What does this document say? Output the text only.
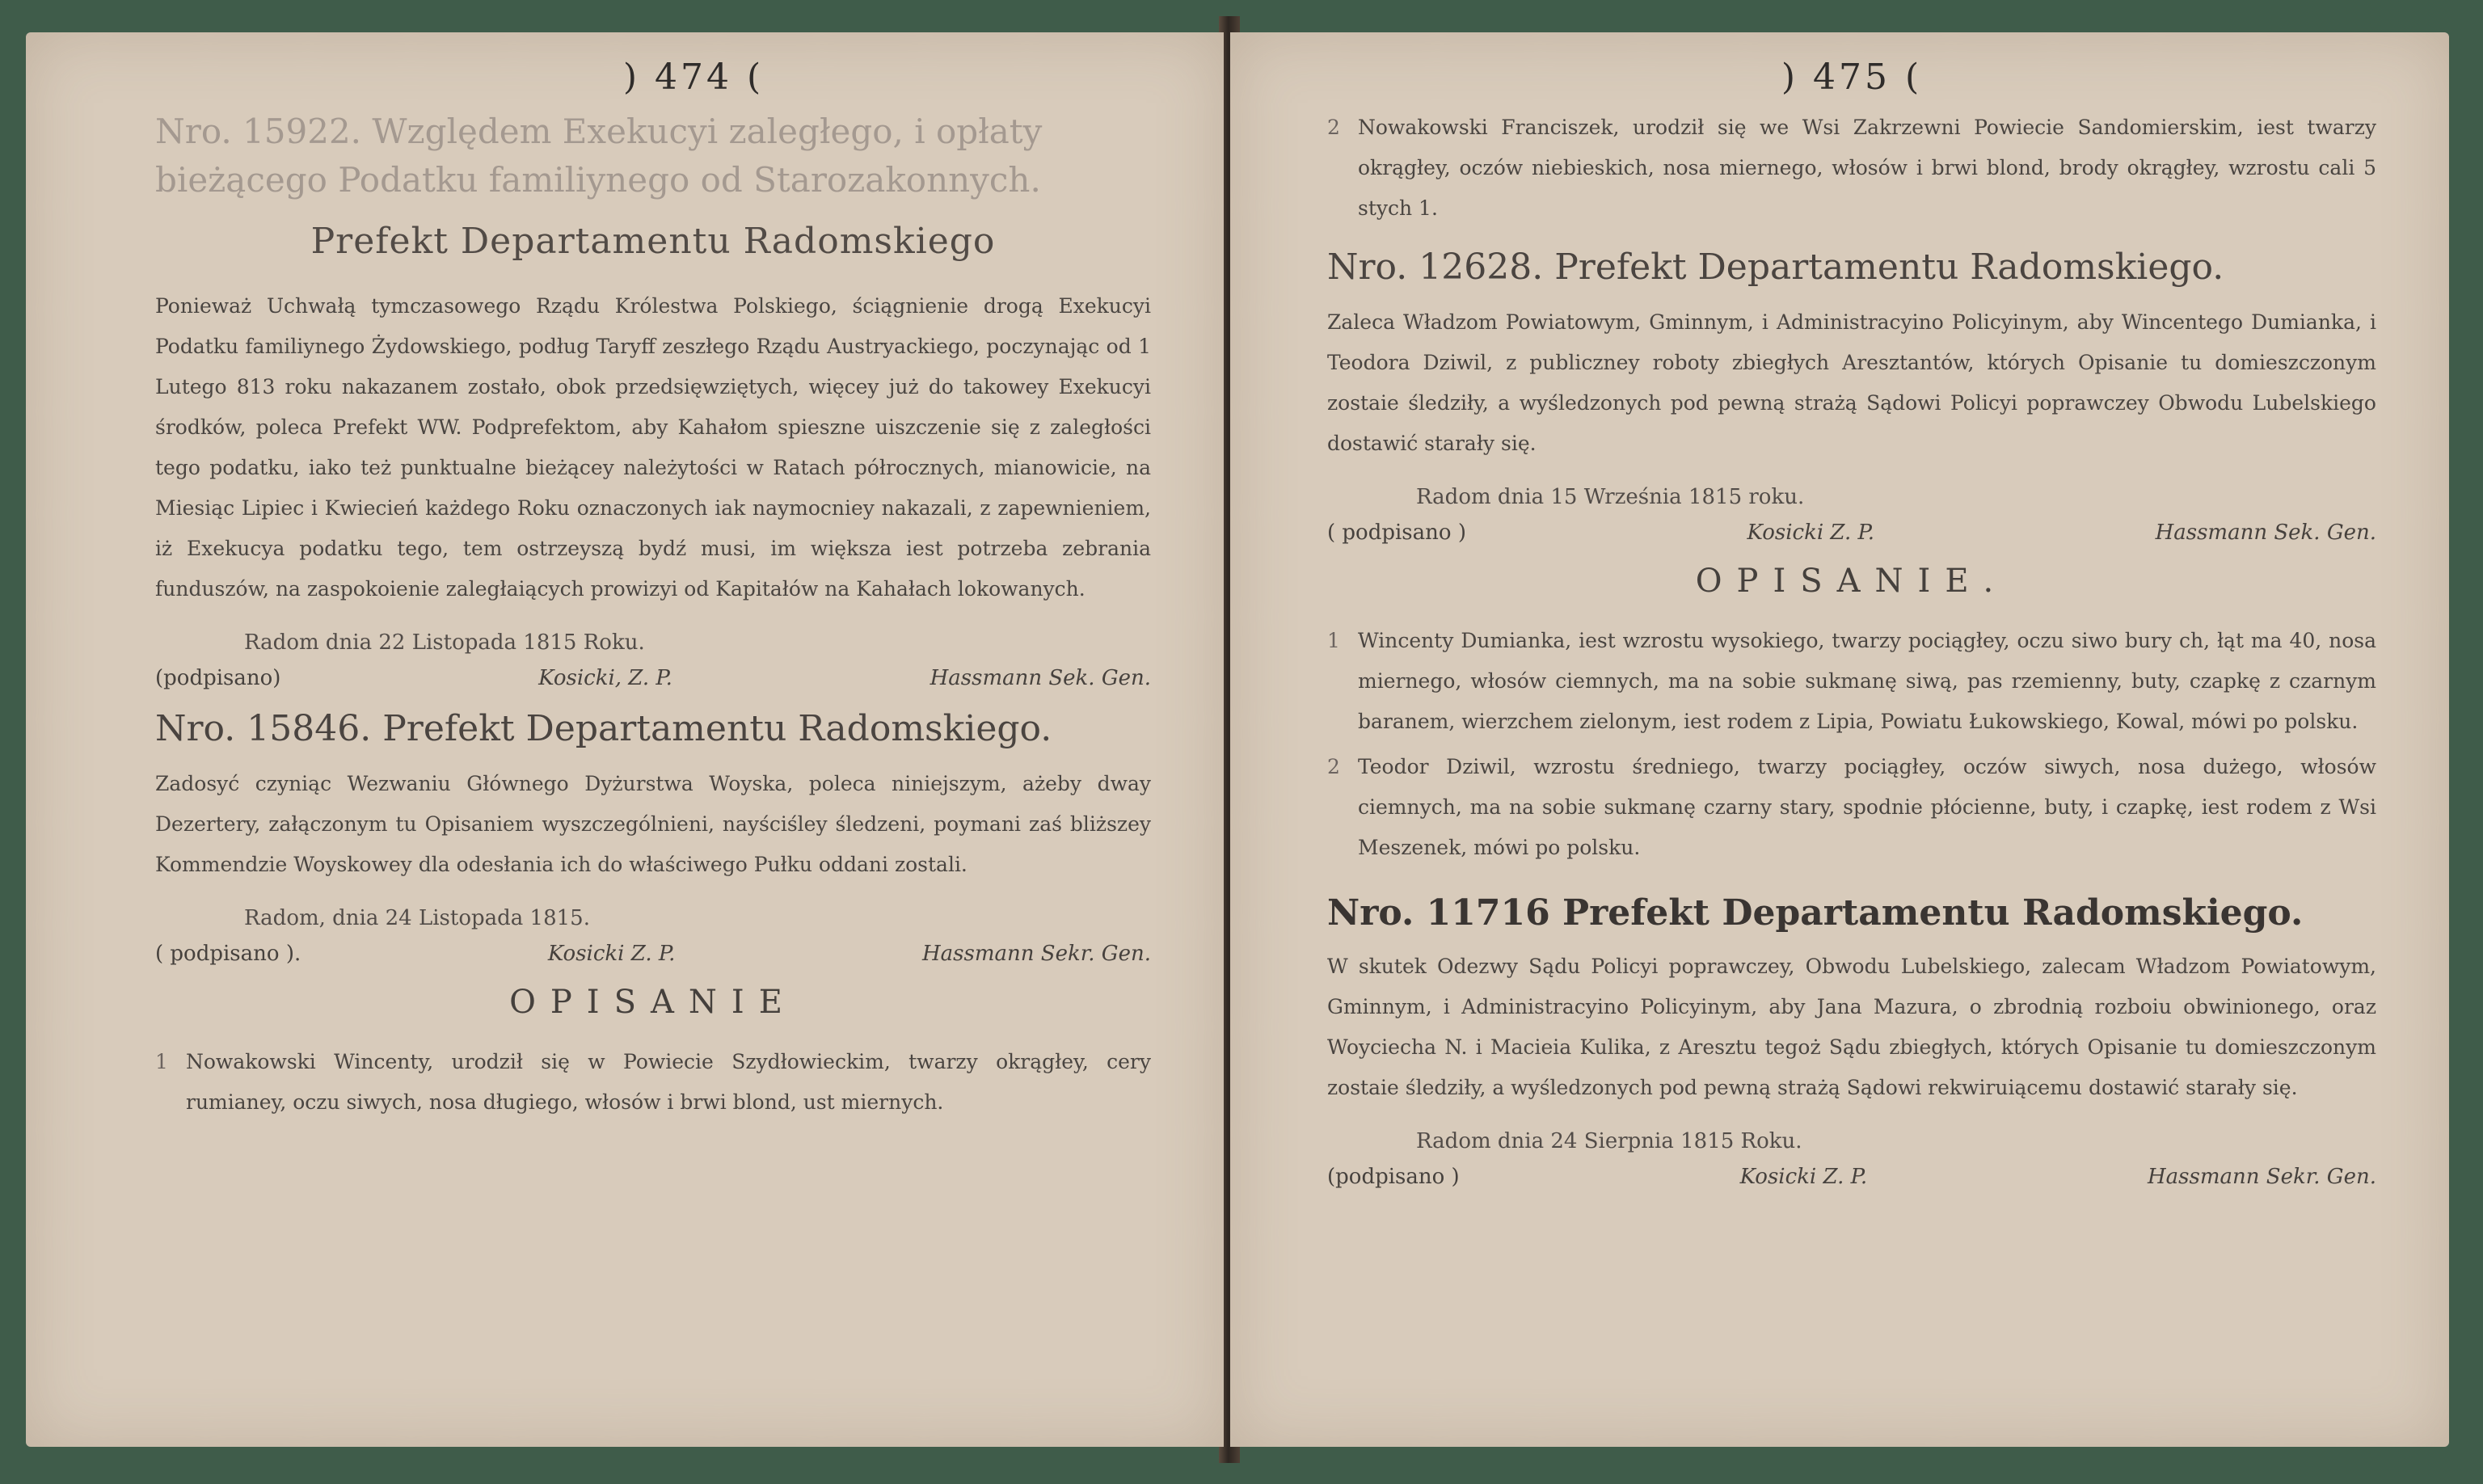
) 474 (
Nro. 15922. Względem Exekucyi zaległego, i opłaty bieżącego Podatku familiynego od Starozakonnych.
Prefekt Departamentu Radomskiego

Ponieważ Uchwałą tymczasowego Rządu Królestwa Polskiego, ściągnienie drogą Exekucyi Podatku familiynego Żydowskiego, podług Taryff zeszłego Rządu Austryackiego, poczynając od 1 Lutego 813 roku nakazanem zostało, obok przedsięwziętych, więcey już do takowey Exekucyi środków, poleca Prefekt WW. Podprefektom, aby Kahałom spieszne uiszczenie się z zaległości tego podatku, iako też punktualne bieżącey należytości w Ratach półrocznych, mianowicie, na Miesiąc Lipiec i Kwiecień każdego Roku oznaczonych iak naymocniey nakazali, z zapewnieniem, iż Exekucya podatku tego, tem ostrzeyszą bydź musi, im większa iest potrzeba zebrania funduszów, na zaspokoienie zaległaiących prowizyi od Kapitałów na Kahałach lokowanych.

Radom dnia 22 Listopada 1815 Roku.
(podpisano)	Kosicki, Z. P.	Hassmann Sek. Gen.
Nro. 15846. Prefekt Departamentu Radomskiego.

Zadosyć czyniąc Wezwaniu Głównego Dyżurstwa Woyska, poleca niniejszym, ażeby dway Dezertery, załączonym tu Opisaniem wyszczególnieni, nayściśley śledzeni, poymani zaś bliższey Kommendzie Woyskowey dla odesłania ich do właściwego Pułku oddani zostali.

Radom, dnia 24 Listopada 1815.
( podpisano ).	Kosicki Z. P.	Hassmann Sekr. Gen.
OPISANIE
1 Nowakowski Wincenty, urodził się w Powiecie Szydłowieckim, twarzy okrągłey, cery rumianey, oczu siwych, nosa długiego, włosów i brwi blond, ust miernych.
) 475 (
2 Nowakowski Franciszek, urodził się we Wsi Zakrzewni Powiecie Sandomierskim, iest twarzy okrągłey, oczów niebieskich, nosa miernego, włosów i brwi blond, brody okrągłey, wzrostu cali 5 stych 1.
Nro. 12628. Prefekt Departamentu Radomskiego.

Zaleca Władzom Powiatowym, Gminnym, i Administracyino Policyinym, aby Wincentego Dumianka, i Teodora Dziwil, z publiczney roboty zbiegłych Aresztantów, których Opisanie tu domieszczonym zostaie śledziły, a wyśledzonych pod pewną strażą Sądowi Policyi poprawczey Obwodu Lubelskiego dostawić starały się.

Radom dnia 15 Września 1815 roku.
( podpisano )	Kosicki Z. P.	Hassmann Sek. Gen.
OPISANIE.
1 Wincenty Dumianka, iest wzrostu wysokiego, twarzy pociągłey, oczu siwo bury ch, łąt ma 40, nosa miernego, włosów ciemnych, ma na sobie sukmanę siwą, pas rzemienny, buty, czapkę z czarnym baranem, wierzchem zielonym, iest rodem z Lipia, Powiatu Łukowskiego, Kowal, mówi po polsku.
2 Teodor Dziwil, wzrostu średniego, twarzy pociągłey, oczów siwych, nosa dużego, włosów ciemnych, ma na sobie sukmanę czarny stary, spodnie płócienne, buty, i czapkę, iest rodem z Wsi Meszenek, mówi po polsku.
Nro. 11716 Prefekt Departamentu Radomskiego.

W skutek Odezwy Sądu Policyi poprawczey, Obwodu Lubelskiego, zalecam Władzom Powiatowym, Gminnym, i Administracyino Policyinym, aby Jana Mazura, o zbrodnią rozboiu obwinionego, oraz Woyciecha N. i Macieia Kulika, z Aresztu tegoż Sądu zbiegłych, których Opisanie tu domieszczonym zostaie śledziły, a wyśledzonych pod pewną strażą Sądowi rekwiruiącemu dostawić starały się.

Radom dnia 24 Sierpnia 1815 Roku.
(podpisano )	Kosicki Z. P.	Hassmann Sekr. Gen.
